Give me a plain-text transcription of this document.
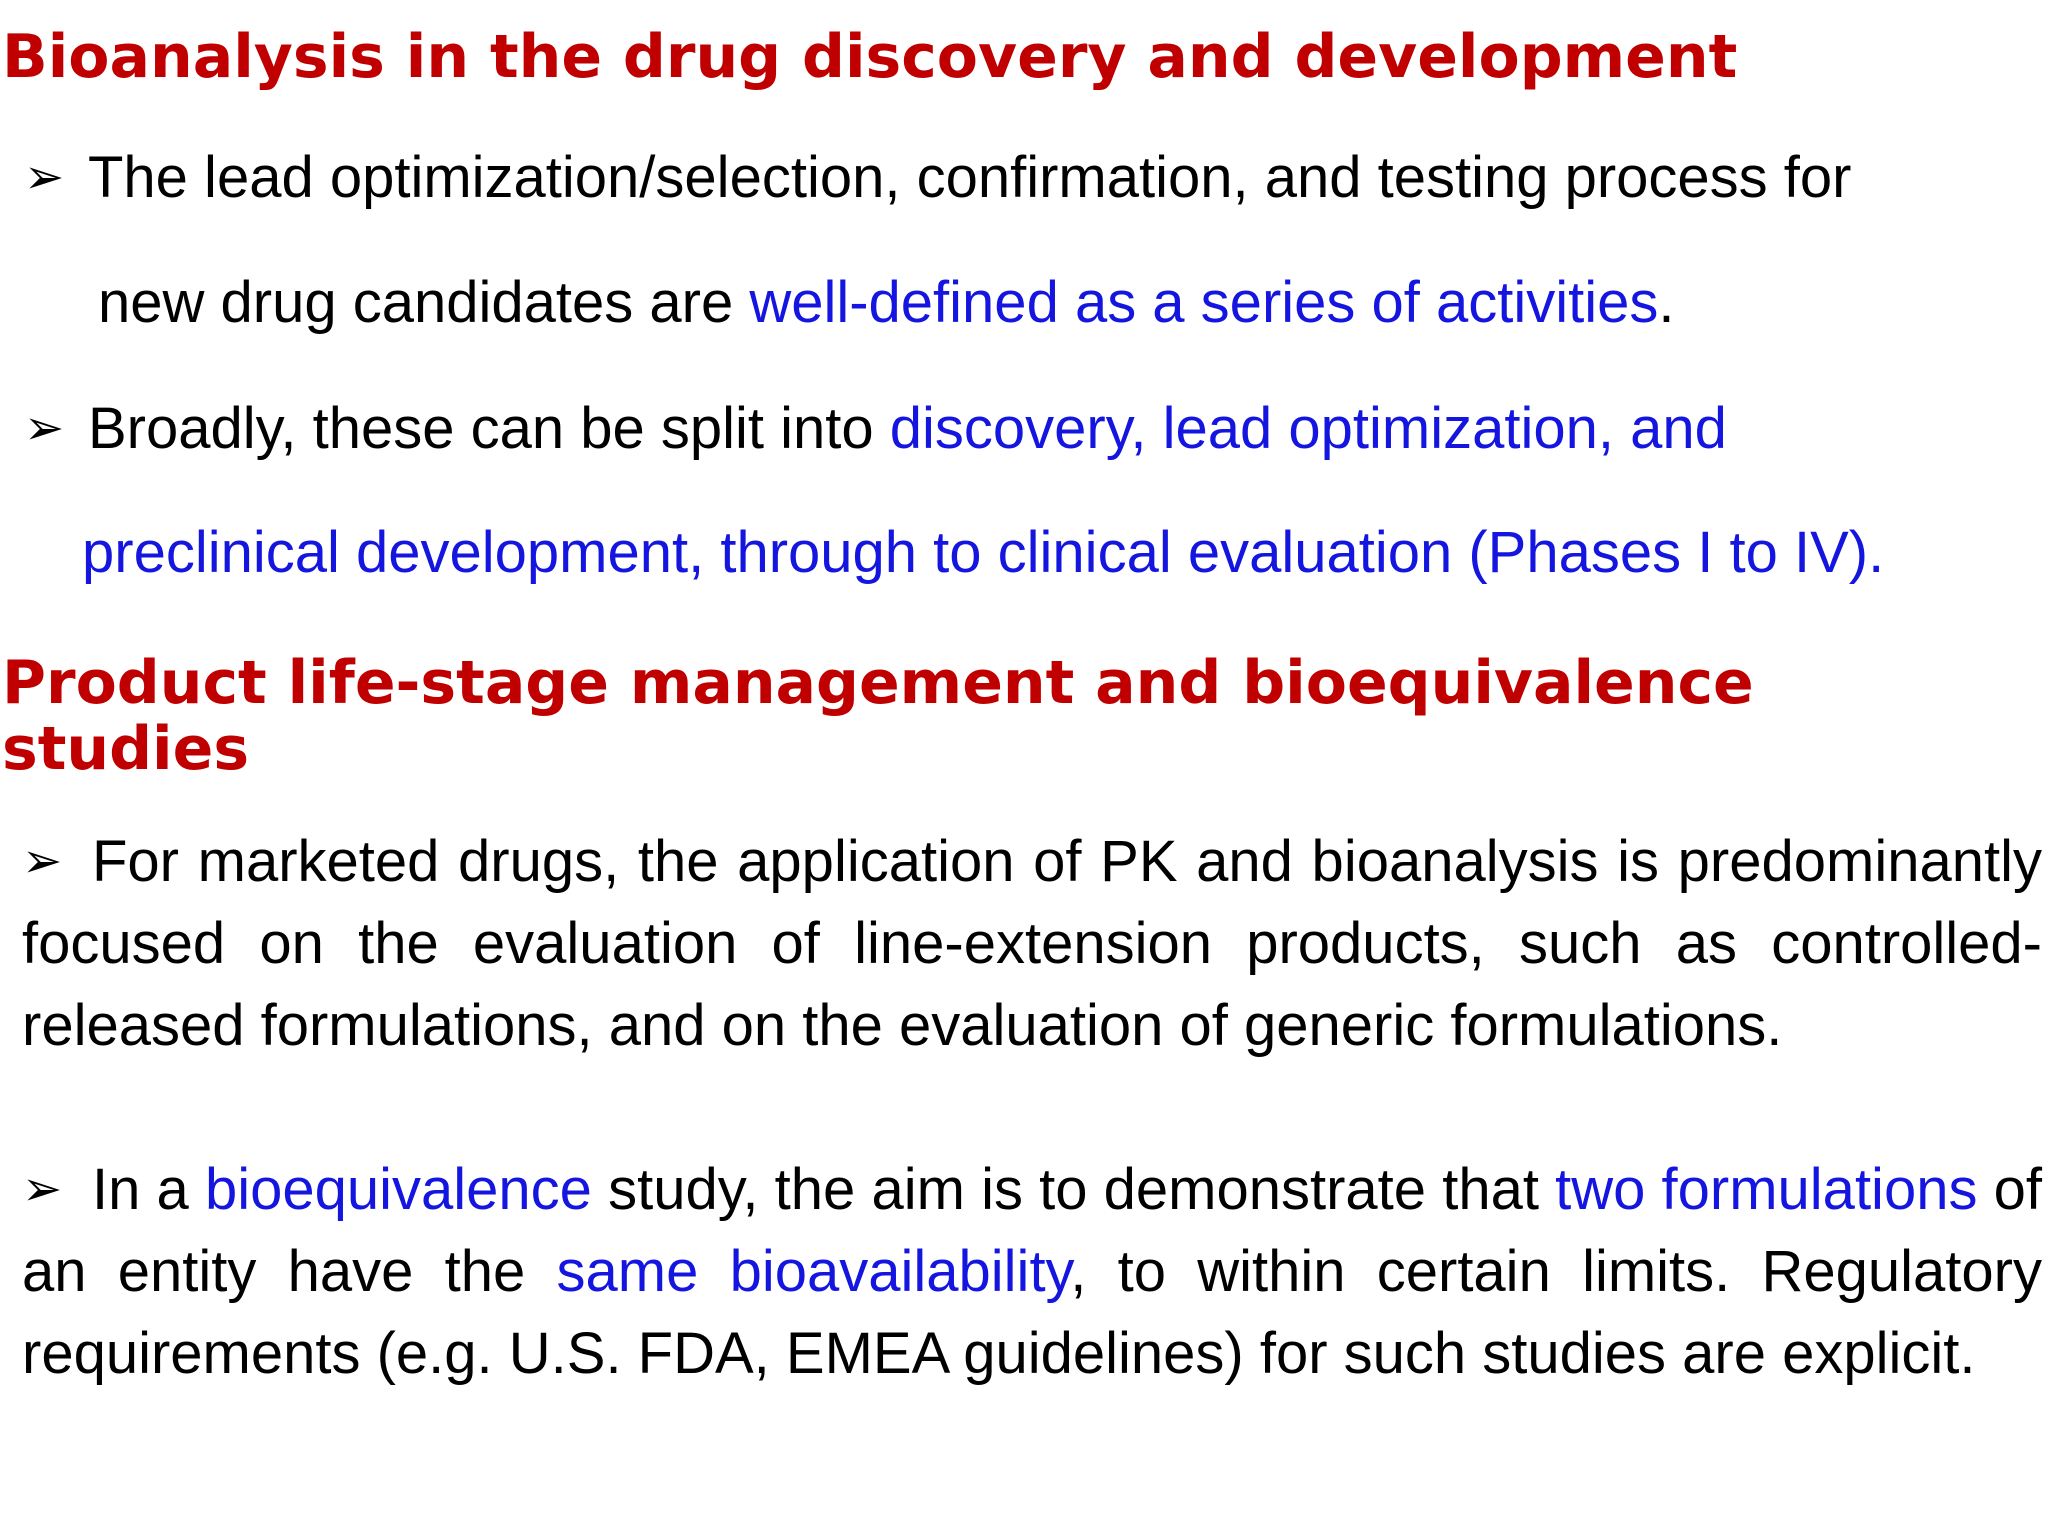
Bioanalysis in the drug discovery and development
➢ The lead optimization/selection, confirmation, and testing process for
new drug candidates are well-defined as a series of activities.
➢ Broadly, these can be split into discovery, lead optimization, and
preclinical development, through to clinical evaluation (Phases I to IV).
Product life-stage management and bioequivalence
studies

➢ For marketed drugs, the application of PK and bioanalysis is predominantly focused on the evaluation of line-extension products, such as controlled-released formulations, and on the evaluation of generic formulations.

➢ In a bioequivalence study, the aim is to demonstrate that two formulations of an entity have the same bioavailability, to within certain limits. Regulatory requirements (e.g. U.S. FDA, EMEA guidelines) for such studies are explicit.
